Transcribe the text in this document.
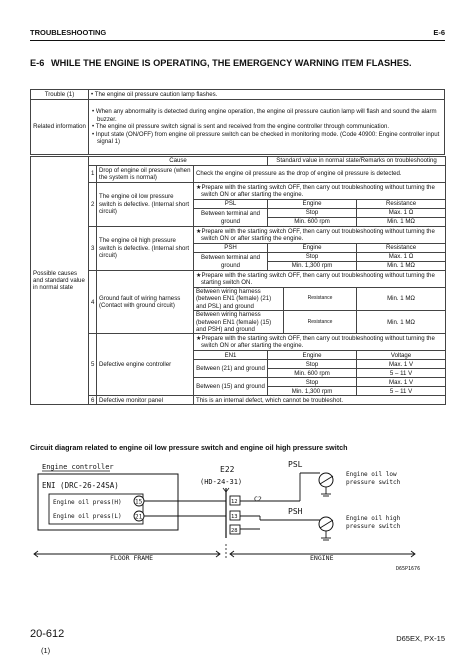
TROUBLESHOOTING	E-6
E-6 WHILE THE ENGINE IS OPERATING, THE EMERGENCY WARNING ITEM FLASHES.
Trouble (1)	• The engine oil pressure caution lamp flashes.
Related information	• When any abnormality is detected during engine operation, the engine oil pressure caution lamp will flash and sound the alarm buzzer.
• The engine oil pressure switch signal is sent and received from the engine controller through communication.
• Input state (ON/OFF) from engine oil pressure switch can be checked in monitoring mode. (Code 40900: Engine controller input signal 1)
Possible causes and standard value in normal state	Cause			Standard value in normal state/Remarks on troubleshooting		
	1	Drop of engine oil pressure (when the system is normal)	Check the engine oil pressure as the drop of engine oil pressure is detected.			
	2	The engine oil low pressure switch is defective. (Internal short circuit)	★Prepare with the starting switch OFF, then carry out troubleshooting without turning the switch ON or after starting the engine.			
			PSL	Engine		Resistance
			Between terminal and ground	Stop		Max. 1 Ω
				Min. 600 rpm		Min. 1 MΩ
	3	The engine oil high pressure switch is defective. (Internal short circuit)	★Prepare with the starting switch OFF, then carry out troubleshooting without turning the switch ON or after starting the engine.			
			PSH	Engine		Resistance
			Between terminal and ground	Stop		Max. 1 Ω
				Min. 1,300 rpm		Min. 1 MΩ
	4	Ground fault of wiring harness (Contact with ground circuit)	★Prepare with the starting switch OFF, then carry out troubleshooting without turning the starting switch ON.			
			Between wiring harness (between EN1 (female) (21) and PSL) and ground		Resistance	Min. 1 MΩ
			Between wiring harness (between EN1 (female) (15) and PSH) and ground		Resistance	Min. 1 MΩ
	5	Defective engine controller	★Prepare with the starting switch OFF, then carry out troubleshooting without turning the switch ON or after starting the engine.			
			EN1	Engine		Voltage
			Between (21) and ground	Stop		Max. 1 V
				Min. 600 rpm		5 – 11 V
			Between (15) and ground	Stop		Max. 1 V
				Min. 1,300 rpm		5 – 11 V
	6	Defective monitor panel	This is an internal defect, which cannot be troubleshot.			
Circuit diagram related to engine oil low pressure switch and engine oil high pressure switch
Engine controller
ENI (DRC-26-24SA)
Engine oil press(H)
Engine oil press(L)
15
21
E22
(HD-24-31)
12
13
28
C2
PSL
Engine oil low pressure switch
PSH
Engine oil high pressure switch
FLOOR FRAME	ENGINE
D65P1676
20-612
(1)
D65EX, PX-15
